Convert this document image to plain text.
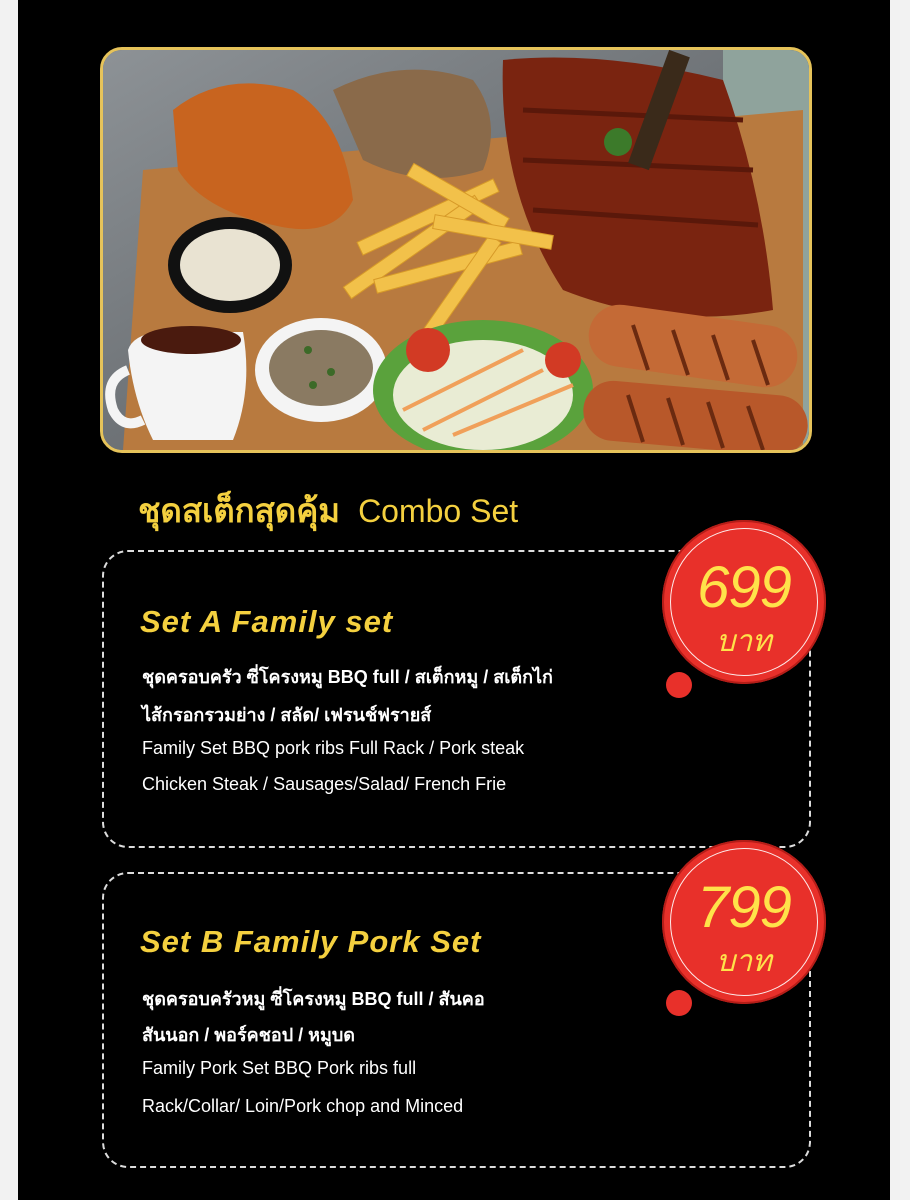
ชุดสเต็กสุดคุ้ม Combo Set
Set A Family set
ชุดครอบครัว ซี่โครงหมู BBQ full / สเต็กหมู / สเต็กไก่
ไส้กรอกรวมย่าง / สลัด/ เฟรนช์ฟรายส์
Family Set BBQ pork ribs Full Rack / Pork steak
Chicken Steak / Sausages/Salad/ French Frie
699
บาท
Set B Family Pork Set
ชุดครอบครัวหมู ซี่โครงหมู BBQ full / สันคอ
สันนอก / พอร์คชอป / หมูบด
Family Pork Set BBQ Pork ribs full
Rack/Collar/ Loin/Pork chop and Minced
799
บาท
